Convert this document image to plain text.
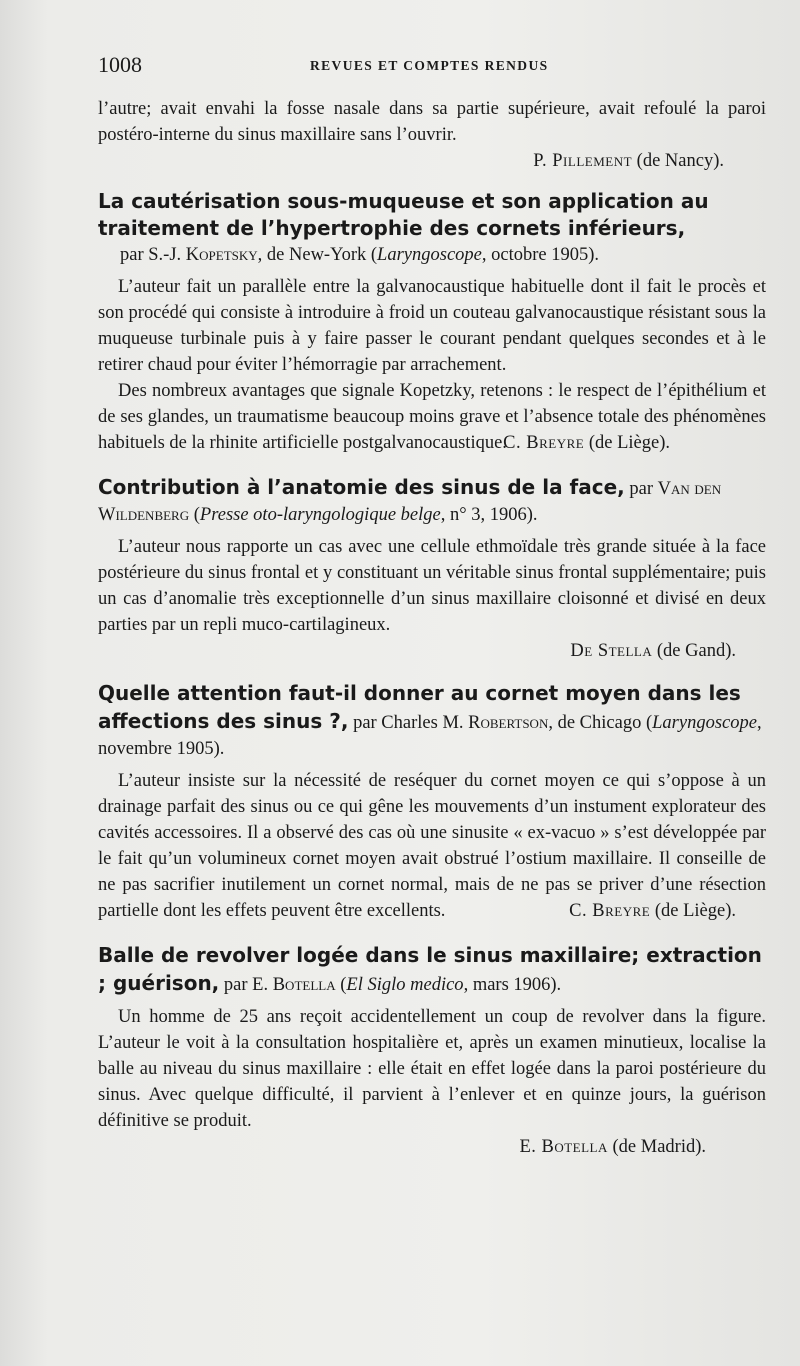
1008	REVUES ET COMPTES RENDUS

l’autre; avait envahi la fosse nasale dans sa partie supérieure, avait refoulé la paroi postéro-interne du sinus maxillaire sans l’ouvrir.

P. Pillement (de Nancy).

La cautérisation sous-muqueuse et son application au traitement de l’hypertrophie des cornets inférieurs,

par S.-J. Kopetsky, de New-York (Laryngoscope, octobre 1905).

L’auteur fait un parallèle entre la galvanocaustique habituelle dont il fait le procès et son procédé qui consiste à introduire à froid un couteau galvanocaustique résistant sous la muqueuse turbinale puis à y faire passer le courant pendant quelques secondes et à le retirer chaud pour éviter l’hémorragie par arrachement.

Des nombreux avantages que signale Kopetzky, retenons : le respect de l’épithélium et de ses glandes, un traumatisme beaucoup moins grave et l’absence totale des phénomènes habituels de la rhinite artificielle postgalvanocaustique.

C. Breyre (de Liège).

Contribution à l’anatomie des sinus de la face, par Van den Wildenberg (Presse oto-laryngologique belge, n° 3, 1906).

L’auteur nous rapporte un cas avec une cellule ethmoïdale très grande située à la face postérieure du sinus frontal et y constituant un véritable sinus frontal supplémentaire; puis un cas d’anomalie très exceptionnelle d’un sinus maxillaire cloisonné et divisé en deux parties par un repli muco-cartilagineux.

De Stella (de Gand).

Quelle attention faut-il donner au cornet moyen dans les affections des sinus ?, par Charles M. Robertson, de Chicago (Laryngoscope, novembre 1905).

L’auteur insiste sur la nécessité de reséquer du cornet moyen ce qui s’oppose à un drainage parfait des sinus ou ce qui gêne les mouvements d’un instument explorateur des cavités accessoires. Il a observé des cas où une sinusite « ex-vacuo » s’est développée par le fait qu’un volumineux cornet moyen avait obstrué l’ostium maxillaire. Il conseille de ne pas sacrifier inutilement un cornet normal, mais de ne pas se priver d’une résection partielle dont les effets peuvent être excellents.	C. Breyre (de Liège).

Balle de revolver logée dans le sinus maxillaire; extraction ; guérison, par E. Botella (El Siglo medico, mars 1906).

Un homme de 25 ans reçoit accidentellement un coup de revolver dans la figure. L’auteur le voit à la consultation hospitalière et, après un examen minutieux, localise la balle au niveau du sinus maxillaire : elle était en effet logée dans la paroi postérieure du sinus. Avec quelque difficulté, il parvient à l’enlever et en quinze jours, la guérison définitive se produit.

E. Botella (de Madrid).
